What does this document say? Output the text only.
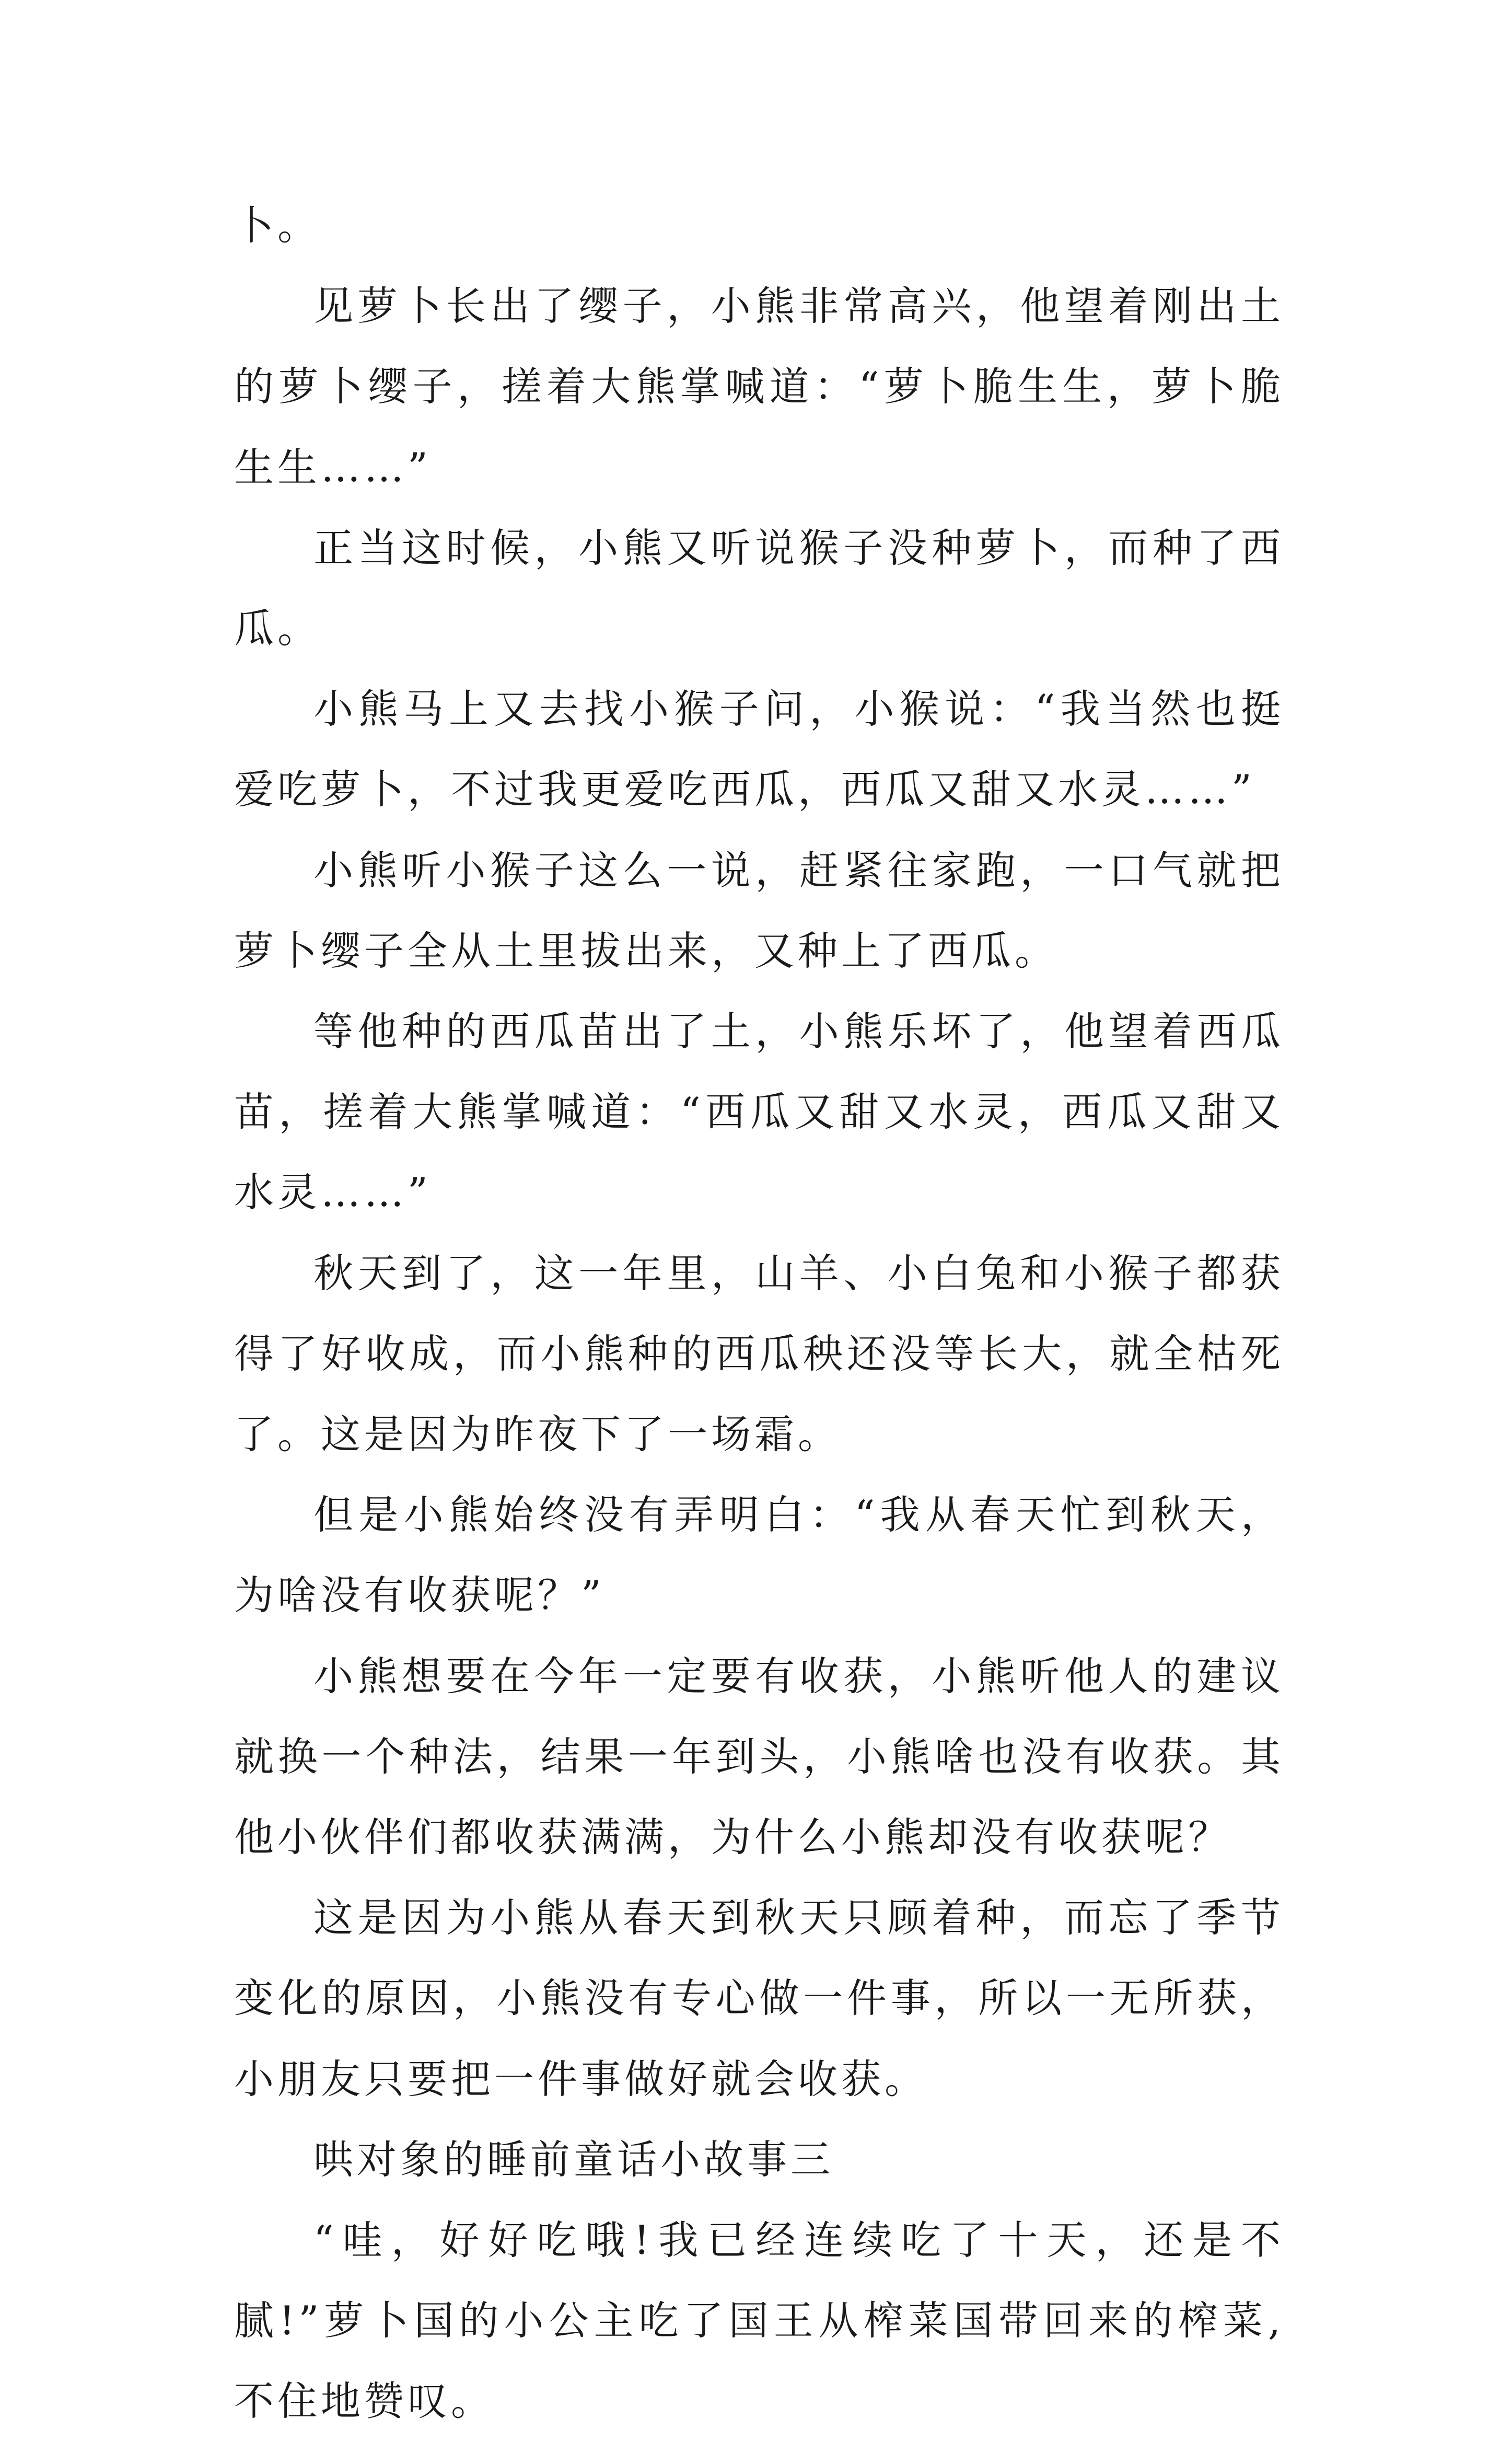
卜。

见萝卜长出了缨子，小熊非常高兴，他望着刚出土的萝卜缨子，搓着大熊掌喊道：“萝卜脆生生，萝卜脆生生……”

正当这时候，小熊又听说猴子没种萝卜，而种了西瓜。

小熊马上又去找小猴子问，小猴说：“我当然也挺爱吃萝卜，不过我更爱吃西瓜，西瓜又甜又水灵……”

小熊听小猴子这么一说，赶紧往家跑，一口气就把萝卜缨子全从土里拔出来，又种上了西瓜。

等他种的西瓜苗出了土，小熊乐坏了，他望着西瓜苗，搓着大熊掌喊道：“西瓜又甜又水灵，西瓜又甜又水灵……”

秋天到了，这一年里，山羊、小白兔和小猴子都获得了好收成，而小熊种的西瓜秧还没等长大，就全枯死了。这是因为昨夜下了一场霜。

但是小熊始终没有弄明白：“我从春天忙到秋天，为啥没有收获呢？”

小熊想要在今年一定要有收获，小熊听他人的建议就换一个种法，结果一年到头，小熊啥也没有收获。其他小伙伴们都收获满满，为什么小熊却没有收获呢？

这是因为小熊从春天到秋天只顾着种，而忘了季节变化的原因，小熊没有专心做一件事，所以一无所获，小朋友只要把一件事做好就会收获。

哄对象的睡前童话小故事三

“哇，好好吃哦!我已经连续吃了十天，还是不腻!”萝卜国的小公主吃了国王从榨菜国带回来的榨菜,不住地赞叹。
